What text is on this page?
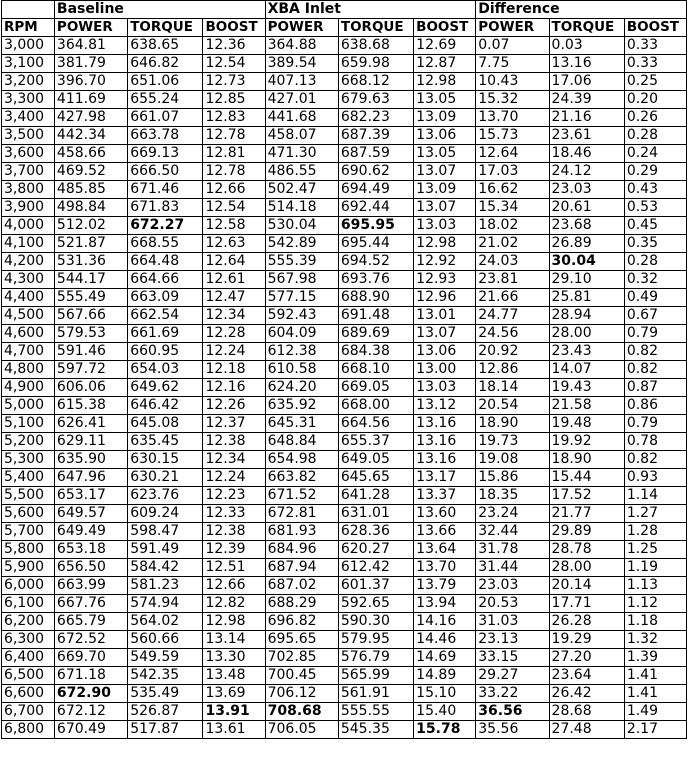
	Baseline			XBA Inlet			Difference		
RPM	POWER	TORQUE	BOOST	POWER	TORQUE	BOOST	POWER	TORQUE	BOOST
3,000	364.81	638.65	12.36	364.88	638.68	12.69	0.07	0.03	0.33
3,100	381.79	646.82	12.54	389.54	659.98	12.87	7.75	13.16	0.33
3,200	396.70	651.06	12.73	407.13	668.12	12.98	10.43	17.06	0.25
3,300	411.69	655.24	12.85	427.01	679.63	13.05	15.32	24.39	0.20
3,400	427.98	661.07	12.83	441.68	682.23	13.09	13.70	21.16	0.26
3,500	442.34	663.78	12.78	458.07	687.39	13.06	15.73	23.61	0.28
3,600	458.66	669.13	12.81	471.30	687.59	13.05	12.64	18.46	0.24
3,700	469.52	666.50	12.78	486.55	690.62	13.07	17.03	24.12	0.29
3,800	485.85	671.46	12.66	502.47	694.49	13.09	16.62	23.03	0.43
3,900	498.84	671.83	12.54	514.18	692.44	13.07	15.34	20.61	0.53
4,000	512.02	672.27	12.58	530.04	695.95	13.03	18.02	23.68	0.45
4,100	521.87	668.55	12.63	542.89	695.44	12.98	21.02	26.89	0.35
4,200	531.36	664.48	12.64	555.39	694.52	12.92	24.03	30.04	0.28
4,300	544.17	664.66	12.61	567.98	693.76	12.93	23.81	29.10	0.32
4,400	555.49	663.09	12.47	577.15	688.90	12.96	21.66	25.81	0.49
4,500	567.66	662.54	12.34	592.43	691.48	13.01	24.77	28.94	0.67
4,600	579.53	661.69	12.28	604.09	689.69	13.07	24.56	28.00	0.79
4,700	591.46	660.95	12.24	612.38	684.38	13.06	20.92	23.43	0.82
4,800	597.72	654.03	12.18	610.58	668.10	13.00	12.86	14.07	0.82
4,900	606.06	649.62	12.16	624.20	669.05	13.03	18.14	19.43	0.87
5,000	615.38	646.42	12.26	635.92	668.00	13.12	20.54	21.58	0.86
5,100	626.41	645.08	12.37	645.31	664.56	13.16	18.90	19.48	0.79
5,200	629.11	635.45	12.38	648.84	655.37	13.16	19.73	19.92	0.78
5,300	635.90	630.15	12.34	654.98	649.05	13.16	19.08	18.90	0.82
5,400	647.96	630.21	12.24	663.82	645.65	13.17	15.86	15.44	0.93
5,500	653.17	623.76	12.23	671.52	641.28	13.37	18.35	17.52	1.14
5,600	649.57	609.24	12.33	672.81	631.01	13.60	23.24	21.77	1.27
5,700	649.49	598.47	12.38	681.93	628.36	13.66	32.44	29.89	1.28
5,800	653.18	591.49	12.39	684.96	620.27	13.64	31.78	28.78	1.25
5,900	656.50	584.42	12.51	687.94	612.42	13.70	31.44	28.00	1.19
6,000	663.99	581.23	12.66	687.02	601.37	13.79	23.03	20.14	1.13
6,100	667.76	574.94	12.82	688.29	592.65	13.94	20.53	17.71	1.12
6,200	665.79	564.02	12.98	696.82	590.30	14.16	31.03	26.28	1.18
6,300	672.52	560.66	13.14	695.65	579.95	14.46	23.13	19.29	1.32
6,400	669.70	549.59	13.30	702.85	576.79	14.69	33.15	27.20	1.39
6,500	671.18	542.35	13.48	700.45	565.99	14.89	29.27	23.64	1.41
6,600	672.90	535.49	13.69	706.12	561.91	15.10	33.22	26.42	1.41
6,700	672.12	526.87	13.91	708.68	555.55	15.40	36.56	28.68	1.49
6,800	670.49	517.87	13.61	706.05	545.35	15.78	35.56	27.48	2.17
